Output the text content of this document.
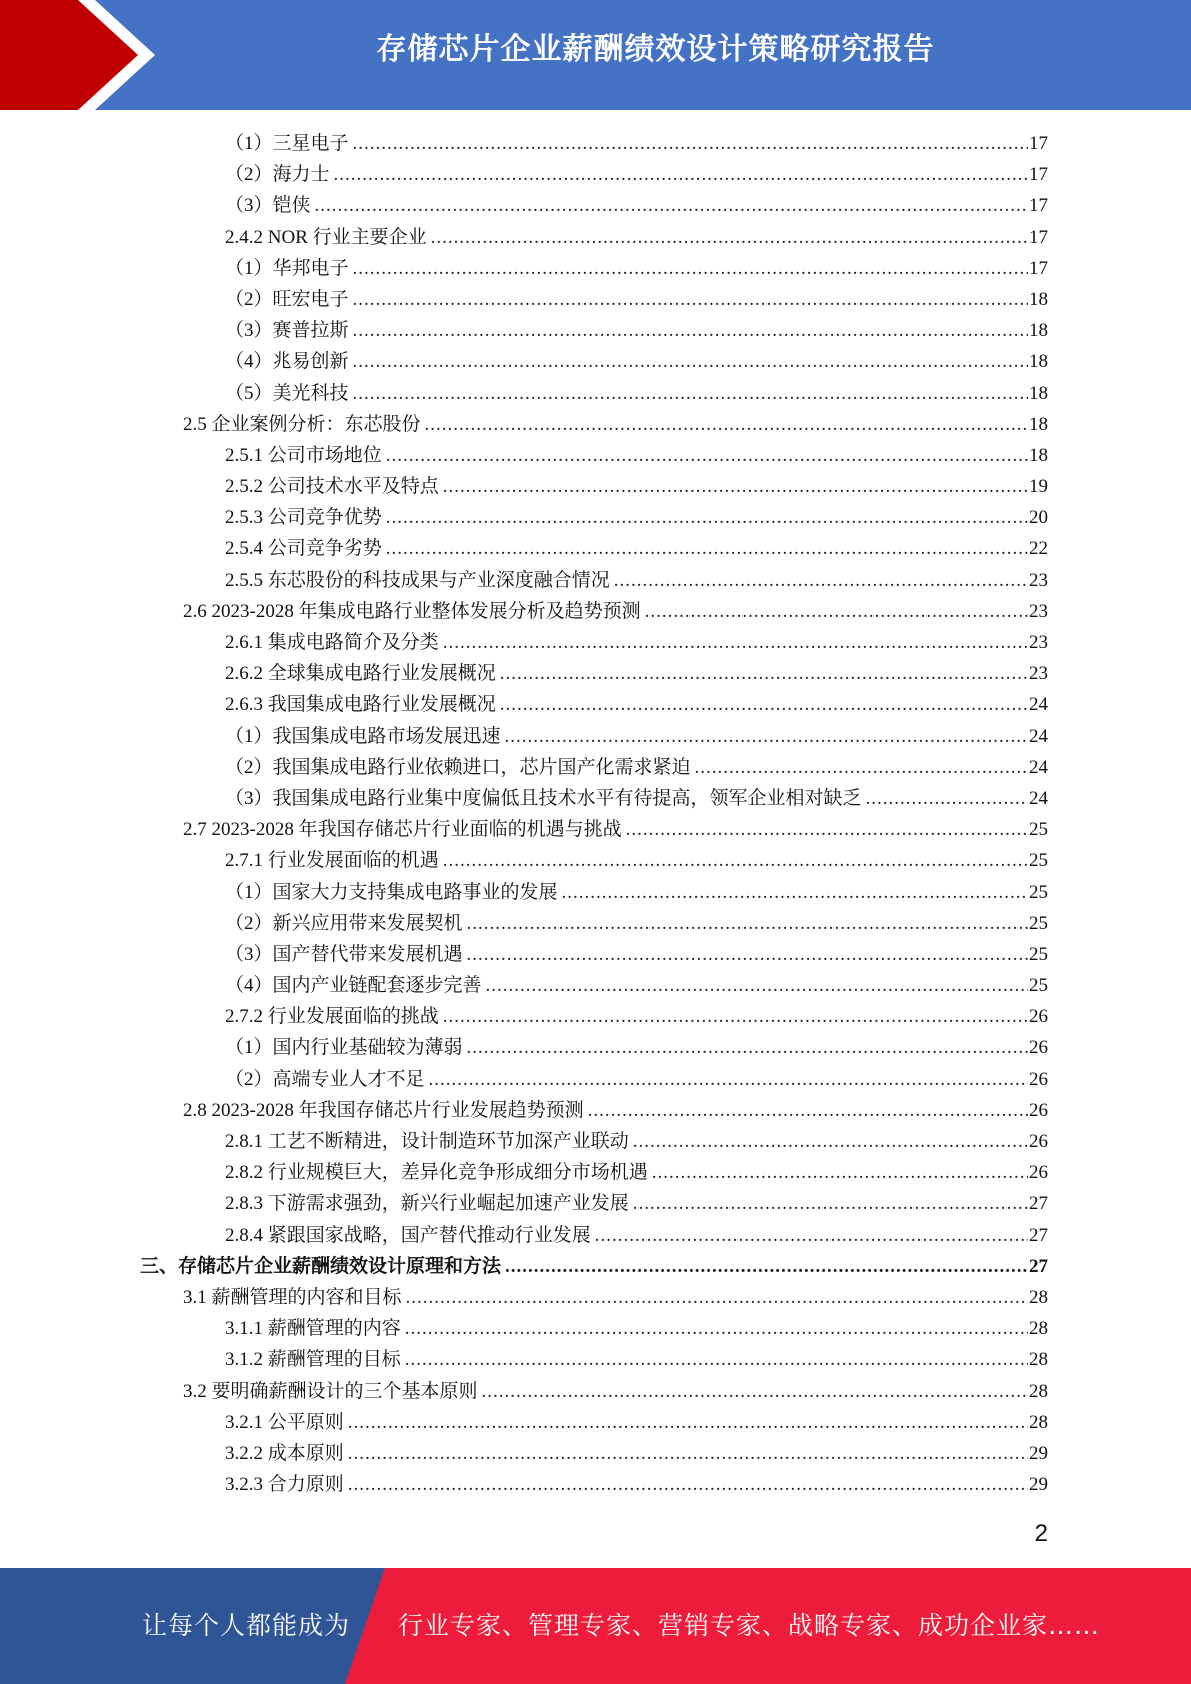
存储芯片企业薪酬绩效设计策略研究报告
（1）三星电子 .....	17
（2）海力士 .....	17
（3）铠侠 .....	17
2.4.2 NOR 行业主要企业 .....	17
（1）华邦电子 .....	17
（2）旺宏电子 .....	18
（3）赛普拉斯 .....	18
（4）兆易创新 .....	18
（5）美光科技 .....	18
2.5 企业案例分析：东芯股份 .....	18
2.5.1 公司市场地位 .....	18
2.5.2 公司技术水平及特点 .....	19
2.5.3 公司竞争优势 .....	20
2.5.4 公司竞争劣势 .....	22
2.5.5 东芯股份的科技成果与产业深度融合情况 .....	23
2.6 2023-2028 年集成电路行业整体发展分析及趋势预测 .....	23
2.6.1 集成电路简介及分类 .....	23
2.6.2 全球集成电路行业发展概况 .....	23
2.6.3 我国集成电路行业发展概况 .....	24
（1）我国集成电路市场发展迅速 .....	24
（2）我国集成电路行业依赖进口，芯片国产化需求紧迫 .....	24
（3）我国集成电路行业集中度偏低且技术水平有待提高，领军企业相对缺乏 .....	24
2.7 2023-2028 年我国存储芯片行业面临的机遇与挑战 .....	25
2.7.1 行业发展面临的机遇 .....	25
（1）国家大力支持集成电路事业的发展 .....	25
（2）新兴应用带来发展契机 .....	25
（3）国产替代带来发展机遇 .....	25
（4）国内产业链配套逐步完善 .....	25
2.7.2 行业发展面临的挑战 .....	26
（1）国内行业基础较为薄弱 .....	26
（2）高端专业人才不足 .....	26
2.8 2023-2028 年我国存储芯片行业发展趋势预测 .....	26
2.8.1 工艺不断精进，设计制造环节加深产业联动 .....	26
2.8.2 行业规模巨大，差异化竞争形成细分市场机遇 .....	26
2.8.3 下游需求强劲，新兴行业崛起加速产业发展 .....	27
2.8.4 紧跟国家战略，国产替代推动行业发展 .....	27
三、存储芯片企业薪酬绩效设计原理和方法 .....	27
3.1 薪酬管理的内容和目标 .....	28
3.1.1 薪酬管理的内容 .....	28
3.1.2 薪酬管理的目标 .....	28
3.2 要明确薪酬设计的三个基本原则 .....	28
3.2.1 公平原则 .....	28
3.2.2 成本原则 .....	29
3.2.3 合力原则 .....	29
2
让每个人都能成为 行业专家、管理专家、营销专家、战略专家、成功企业家……
